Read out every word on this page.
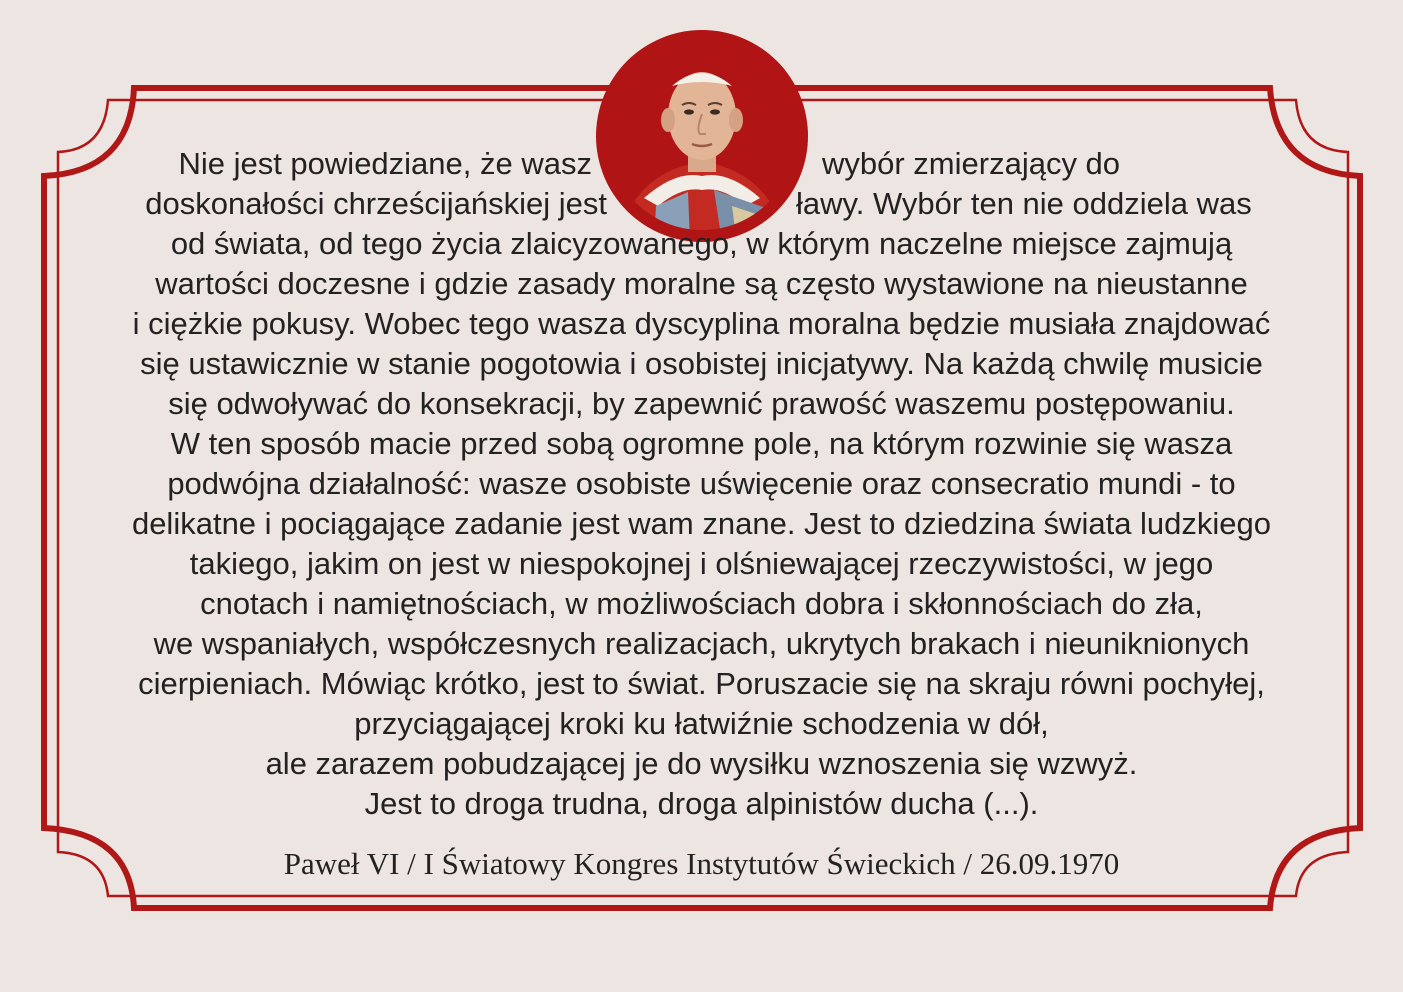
Nie jest powiedziane, że wasz	wybór zmierzający do
doskonałości chrześcijańskiej jest	ławy. Wybór ten nie oddziela was
od świata, od tego życia zlaicyzowanego, w którym naczelne miejsce zajmują
wartości doczesne i gdzie zasady moralne są często wystawione na nieustanne
i ciężkie pokusy. Wobec tego wasza dyscyplina moralna będzie musiała znajdować
się ustawicznie w stanie pogotowia i osobistej inicjatywy. Na każdą chwilę musicie
się odwoływać do konsekracji, by zapewnić prawość waszemu postępowaniu.
W ten sposób macie przed sobą ogromne pole, na którym rozwinie się wasza
podwójna działalność: wasze osobiste uświęcenie oraz consecratio mundi - to
delikatne i pociągające zadanie jest wam znane. Jest to dziedzina świata ludzkiego
takiego, jakim on jest w niespokojnej i olśniewającej rzeczywistości, w jego
cnotach i namiętnościach, w możliwościach dobra i skłonnościach do zła,
we wspaniałych, współczesnych realizacjach, ukrytych brakach i nieuniknionych
cierpieniach. Mówiąc krótko, jest to świat. Poruszacie się na skraju równi pochyłej,
przyciągającej kroki ku łatwiźnie schodzenia w dół,
ale zarazem pobudzającej je do wysiłku wznoszenia się wzwyż.
Jest to droga trudna, droga alpinistów ducha (...).
Paweł VI / I Światowy Kongres Instytutów Świeckich / 26.09.1970
